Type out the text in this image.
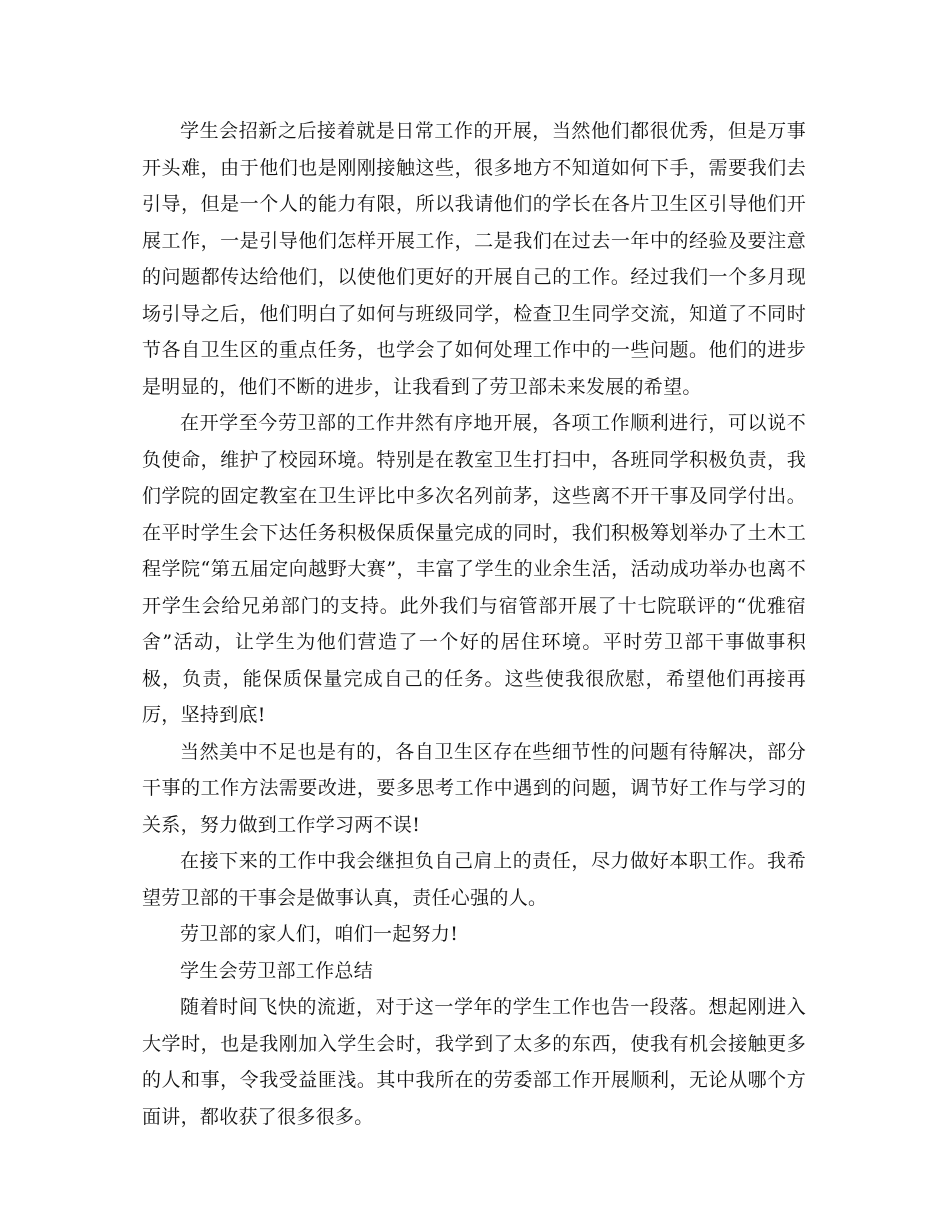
学生会招新之后接着就是日常工作的开展，当然他们都很优秀，但是万事开头难，由于他们也是刚刚接触这些，很多地方不知道如何下手，需要我们去引导，但是一个人的能力有限，所以我请他们的学长在各片卫生区引导他们开展工作，一是引导他们怎样开展工作，二是我们在过去一年中的经验及要注意的问题都传达给他们，以使他们更好的开展自己的工作。经过我们一个多月现场引导之后，他们明白了如何与班级同学，检查卫生同学交流，知道了不同时节各自卫生区的重点任务，也学会了如何处理工作中的一些问题。他们的进步是明显的，他们不断的进步，让我看到了劳卫部未来发展的希望。

在开学至今劳卫部的工作井然有序地开展，各项工作顺利进行，可以说不负使命，维护了校园环境。特别是在教室卫生打扫中，各班同学积极负责，我们学院的固定教室在卫生评比中多次名列前茅，这些离不开干事及同学付出。在平时学生会下达任务积极保质保量完成的同时，我们积极筹划举办了土木工程学院“第五届定向越野大赛”，丰富了学生的业余生活，活动成功举办也离不开学生会给兄弟部门的支持。此外我们与宿管部开展了十七院联评的“优雅宿舍”活动，让学生为他们营造了一个好的居住环境。平时劳卫部干事做事积极，负责，能保质保量完成自己的任务。这些使我很欣慰，希望他们再接再厉，坚持到底!

当然美中不足也是有的，各自卫生区存在些细节性的问题有待解决，部分干事的工作方法需要改进，要多思考工作中遇到的问题，调节好工作与学习的关系，努力做到工作学习两不误!

在接下来的工作中我会继担负自己肩上的责任，尽力做好本职工作。我希望劳卫部的干事会是做事认真，责任心强的人。

劳卫部的家人们，咱们一起努力!

学生会劳卫部工作总结

随着时间飞快的流逝，对于这一学年的学生工作也告一段落。想起刚进入大学时，也是我刚加入学生会时，我学到了太多的东西，使我有机会接触更多的人和事，令我受益匪浅。其中我所在的劳委部工作开展顺利，无论从哪个方面讲，都收获了很多很多。
